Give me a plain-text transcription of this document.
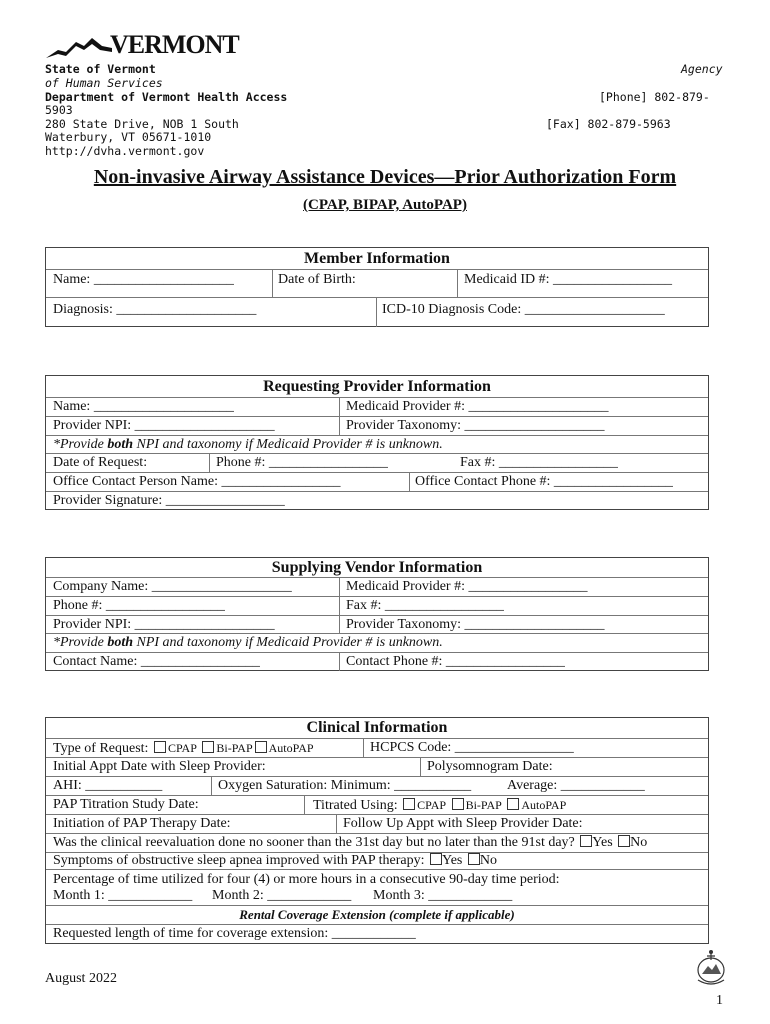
VERMONT
State of Vermont
of Human Services
Agency
Department of Vermont Health Access	[Phone] 802-879-
5903
280 State Drive, NOB 1 South	[Fax] 802-879-5963
Waterbury, VT 05671-1010
http://dvha.vermont.gov
Non-invasive Airway Assistance Devices—Prior Authorization Form
(CPAP, BIPAP, AutoPAP)
Member Information
Name: ____________________	Date of Birth:	Medicaid ID #: _________________
Diagnosis: ____________________	ICD-10 Diagnosis Code: ____________________
Requesting Provider Information
Name: ____________________	Medicaid Provider #: ____________________
Provider NPI: ____________________	Provider Taxonomy: ____________________
*Provide both NPI and taxonomy if Medicaid Provider # is unknown.
Date of Request:	Phone #: _________________	Fax #: _________________
Office Contact Person Name: _________________	Office Contact Phone #: _________________
Provider Signature: _________________
Supplying Vendor Information
Company Name: ____________________	Medicaid Provider #: _________________
Phone #: _________________	Fax #: _________________
Provider NPI: ____________________	Provider Taxonomy: ____________________
*Provide both NPI and taxonomy if Medicaid Provider # is unknown.
Contact Name: _________________	Contact Phone #: _________________
Clinical Information
Type of Request: CPAP Bi-PAP AutoPAP	HCPCS Code: _________________
Initial Appt Date with Sleep Provider:	Polysomnogram Date:
AHI: ___________	Oxygen Saturation: Minimum: ___________	Average: ____________
PAP Titration Study Date:	Titrated Using: CPAP Bi-PAP AutoPAP
Initiation of PAP Therapy Date:	Follow Up Appt with Sleep Provider Date:
Was the clinical reevaluation done no sooner than the 31st day but no later than the 91st day? Yes No
Symptoms of obstructive sleep apnea improved with PAP therapy: Yes No
Percentage of time utilized for four (4) or more hours in a consecutive 90-day time period:
Month 1: ____________ Month 2: ____________ Month 3: ____________
Rental Coverage Extension (complete if applicable)
Requested length of time for coverage extension: ____________
August 2022
1
